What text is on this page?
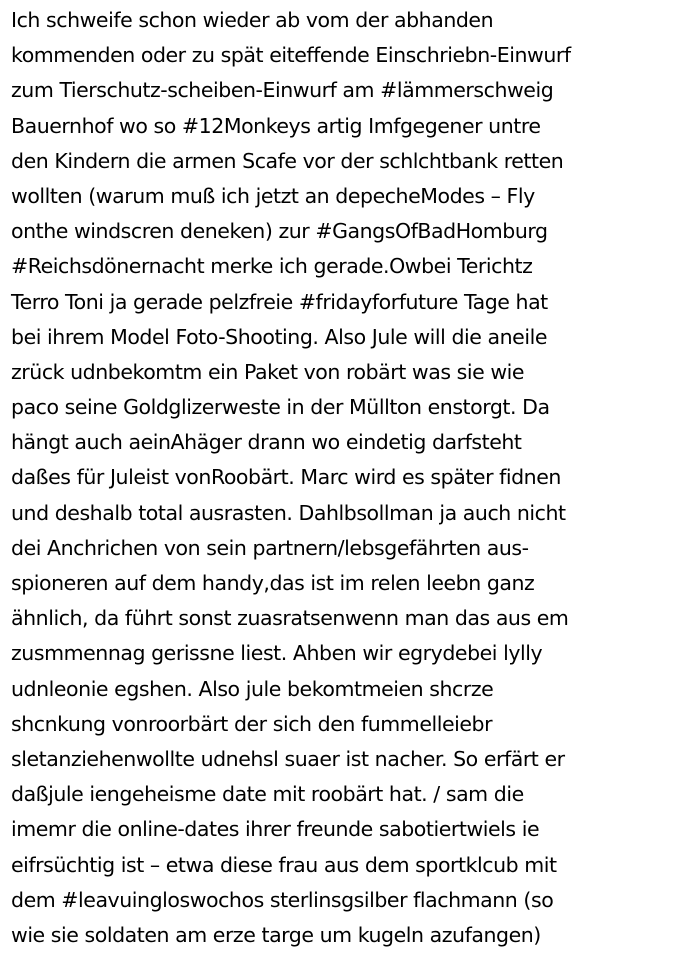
Ich schweife schon wieder ab vom der abhanden
kommenden oder zu spät eiteffende Einschriebn-Einwurf
zum Tierschutz-scheiben-Einwurf am #lämmerschweig
Bauernhof wo so #12Monkeys artig Imfgegener untre
den Kindern die armen Scafe vor der schlchtbank retten
wollten (warum muß ich jetzt an depecheModes – Fly
onthe windscren deneken) zur #GangsOfBadHomburg
#Reichsdönernacht merke ich gerade.Owbei Terichtz
Terro Toni ja gerade pelzfreie #fridayforfuture Tage hat
bei ihrem Model Foto-Shooting. Also Jule will die aneile
zrück udnbekomtm ein Paket von robärt was sie wie
paco seine Goldglizerweste in der Müllton enstorgt. Da
hängt auch aeinAhäger drann wo eindetig darfsteht
daßes für Juleist vonRoobärt. Marc wird es später fidnen
und deshalb total ausrasten. Dahlbsollman ja auch nicht
dei Anchrichen von sein partnern/lebsgefährten aus-
spioneren auf dem handy,das ist im relen leebn ganz
ähnlich, da führt sonst zuasratsenwenn man das aus em
zusmmennag gerissne liest. Ahben wir egrydebei lylly
udnleonie egshen. Also jule bekomtmeien shcrze
shcnkung vonroorbärt der sich den fummelleiebr
sletanziehenwollte udnehsl suaer ist nacher. So erfärt er
daßjule iengeheisme date mit roobärt hat. / sam die
imemr die online-dates ihrer freunde sabotiertwiels ie
eifrsüchtig ist – etwa diese frau aus dem sportklcub mit
dem #leavuingloswochos sterlinsgsilber flachmann (so
wie sie soldaten am erze targe um kugeln azufangen)
